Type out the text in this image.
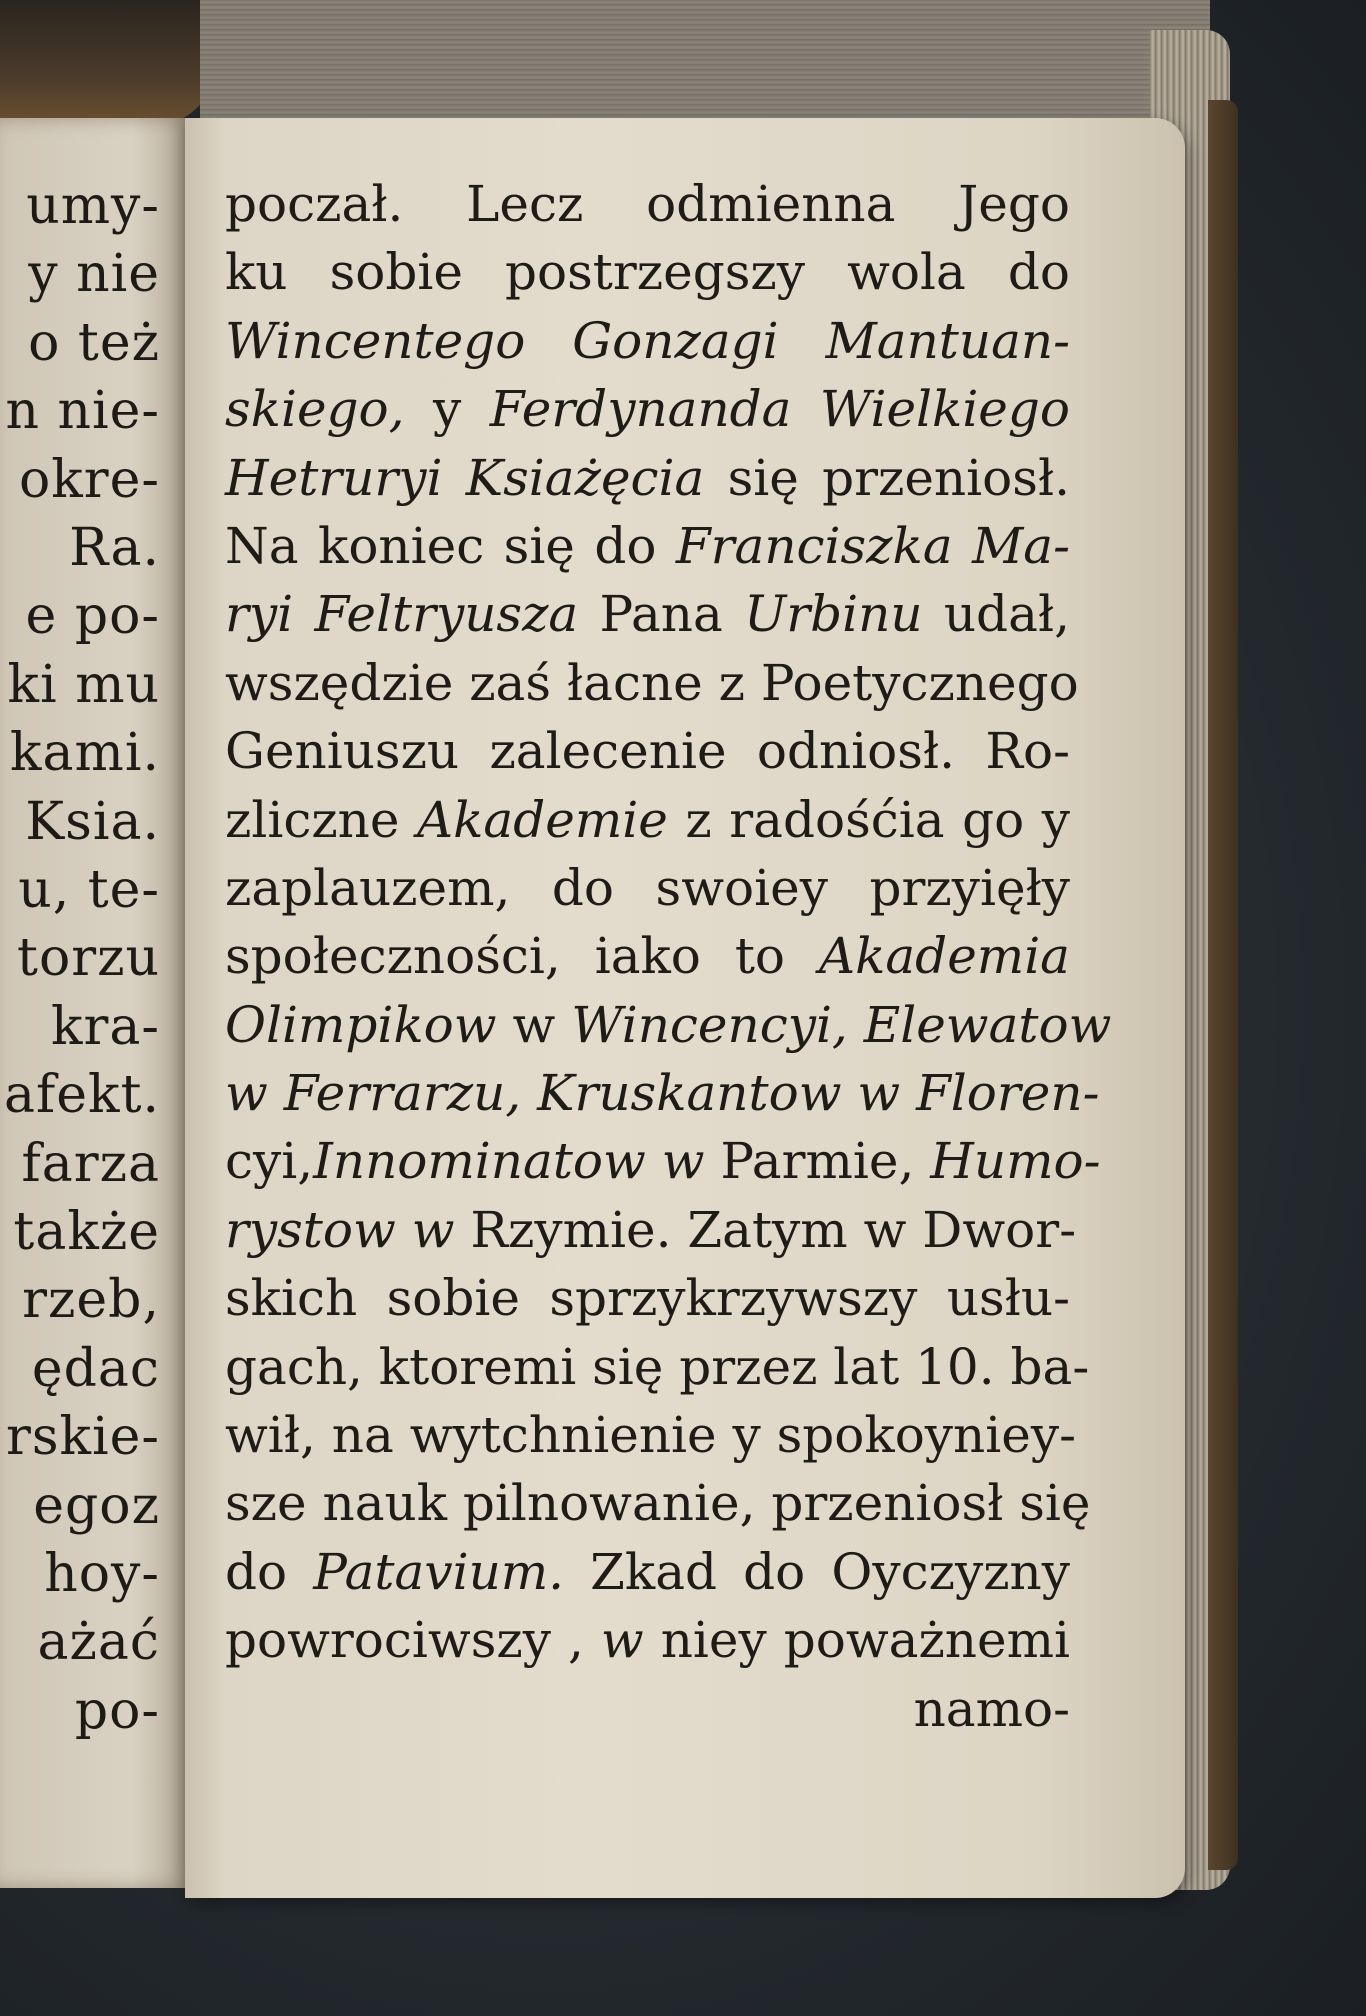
umy-
y nie
o też
n nie-
okre-
Ra.
e po-
ki mu
kami.
Ksia.
u, te-
torzu
kra-
afekt.
farza
także
rzeb,
ędac
rskie-
egoz
hoy-
ażać
po-
poczał. Lecz odmienna Jego
ku sobie postrzegszy wola do
Wincentego Gonzagi Mantuan-
skiego, y Ferdynanda Wielkiego
Hetruryi Ksiażęcia się przeniosł.
Na koniec się do Franciszka Ma-
ryi Feltryusza Pana Urbinu udał,
wszędzie zaś łacne z Poetycznego
Geniuszu zalecenie odniosł. Ro-
zliczne Akademie z radośćia go y
zaplauzem, do swoiey przyięły
społeczności, iako to Akademia
Olimpikow w Wincencyi, Elewatow
w Ferrarzu, Kruskantow w Floren-
cyi,Innominatow w Parmie, Humo-
rystow w Rzymie. Zatym w Dwor-
skich sobie sprzykrzywszy usłu-
gach, ktoremi się przez lat 10. ba-
wił, na wytchnienie y spokoyniey-
sze nauk pilnowanie, przeniosł się
do Patavium. Zkad do Oyczyzny
powrociwszy , w niey poważnemi
namo-
